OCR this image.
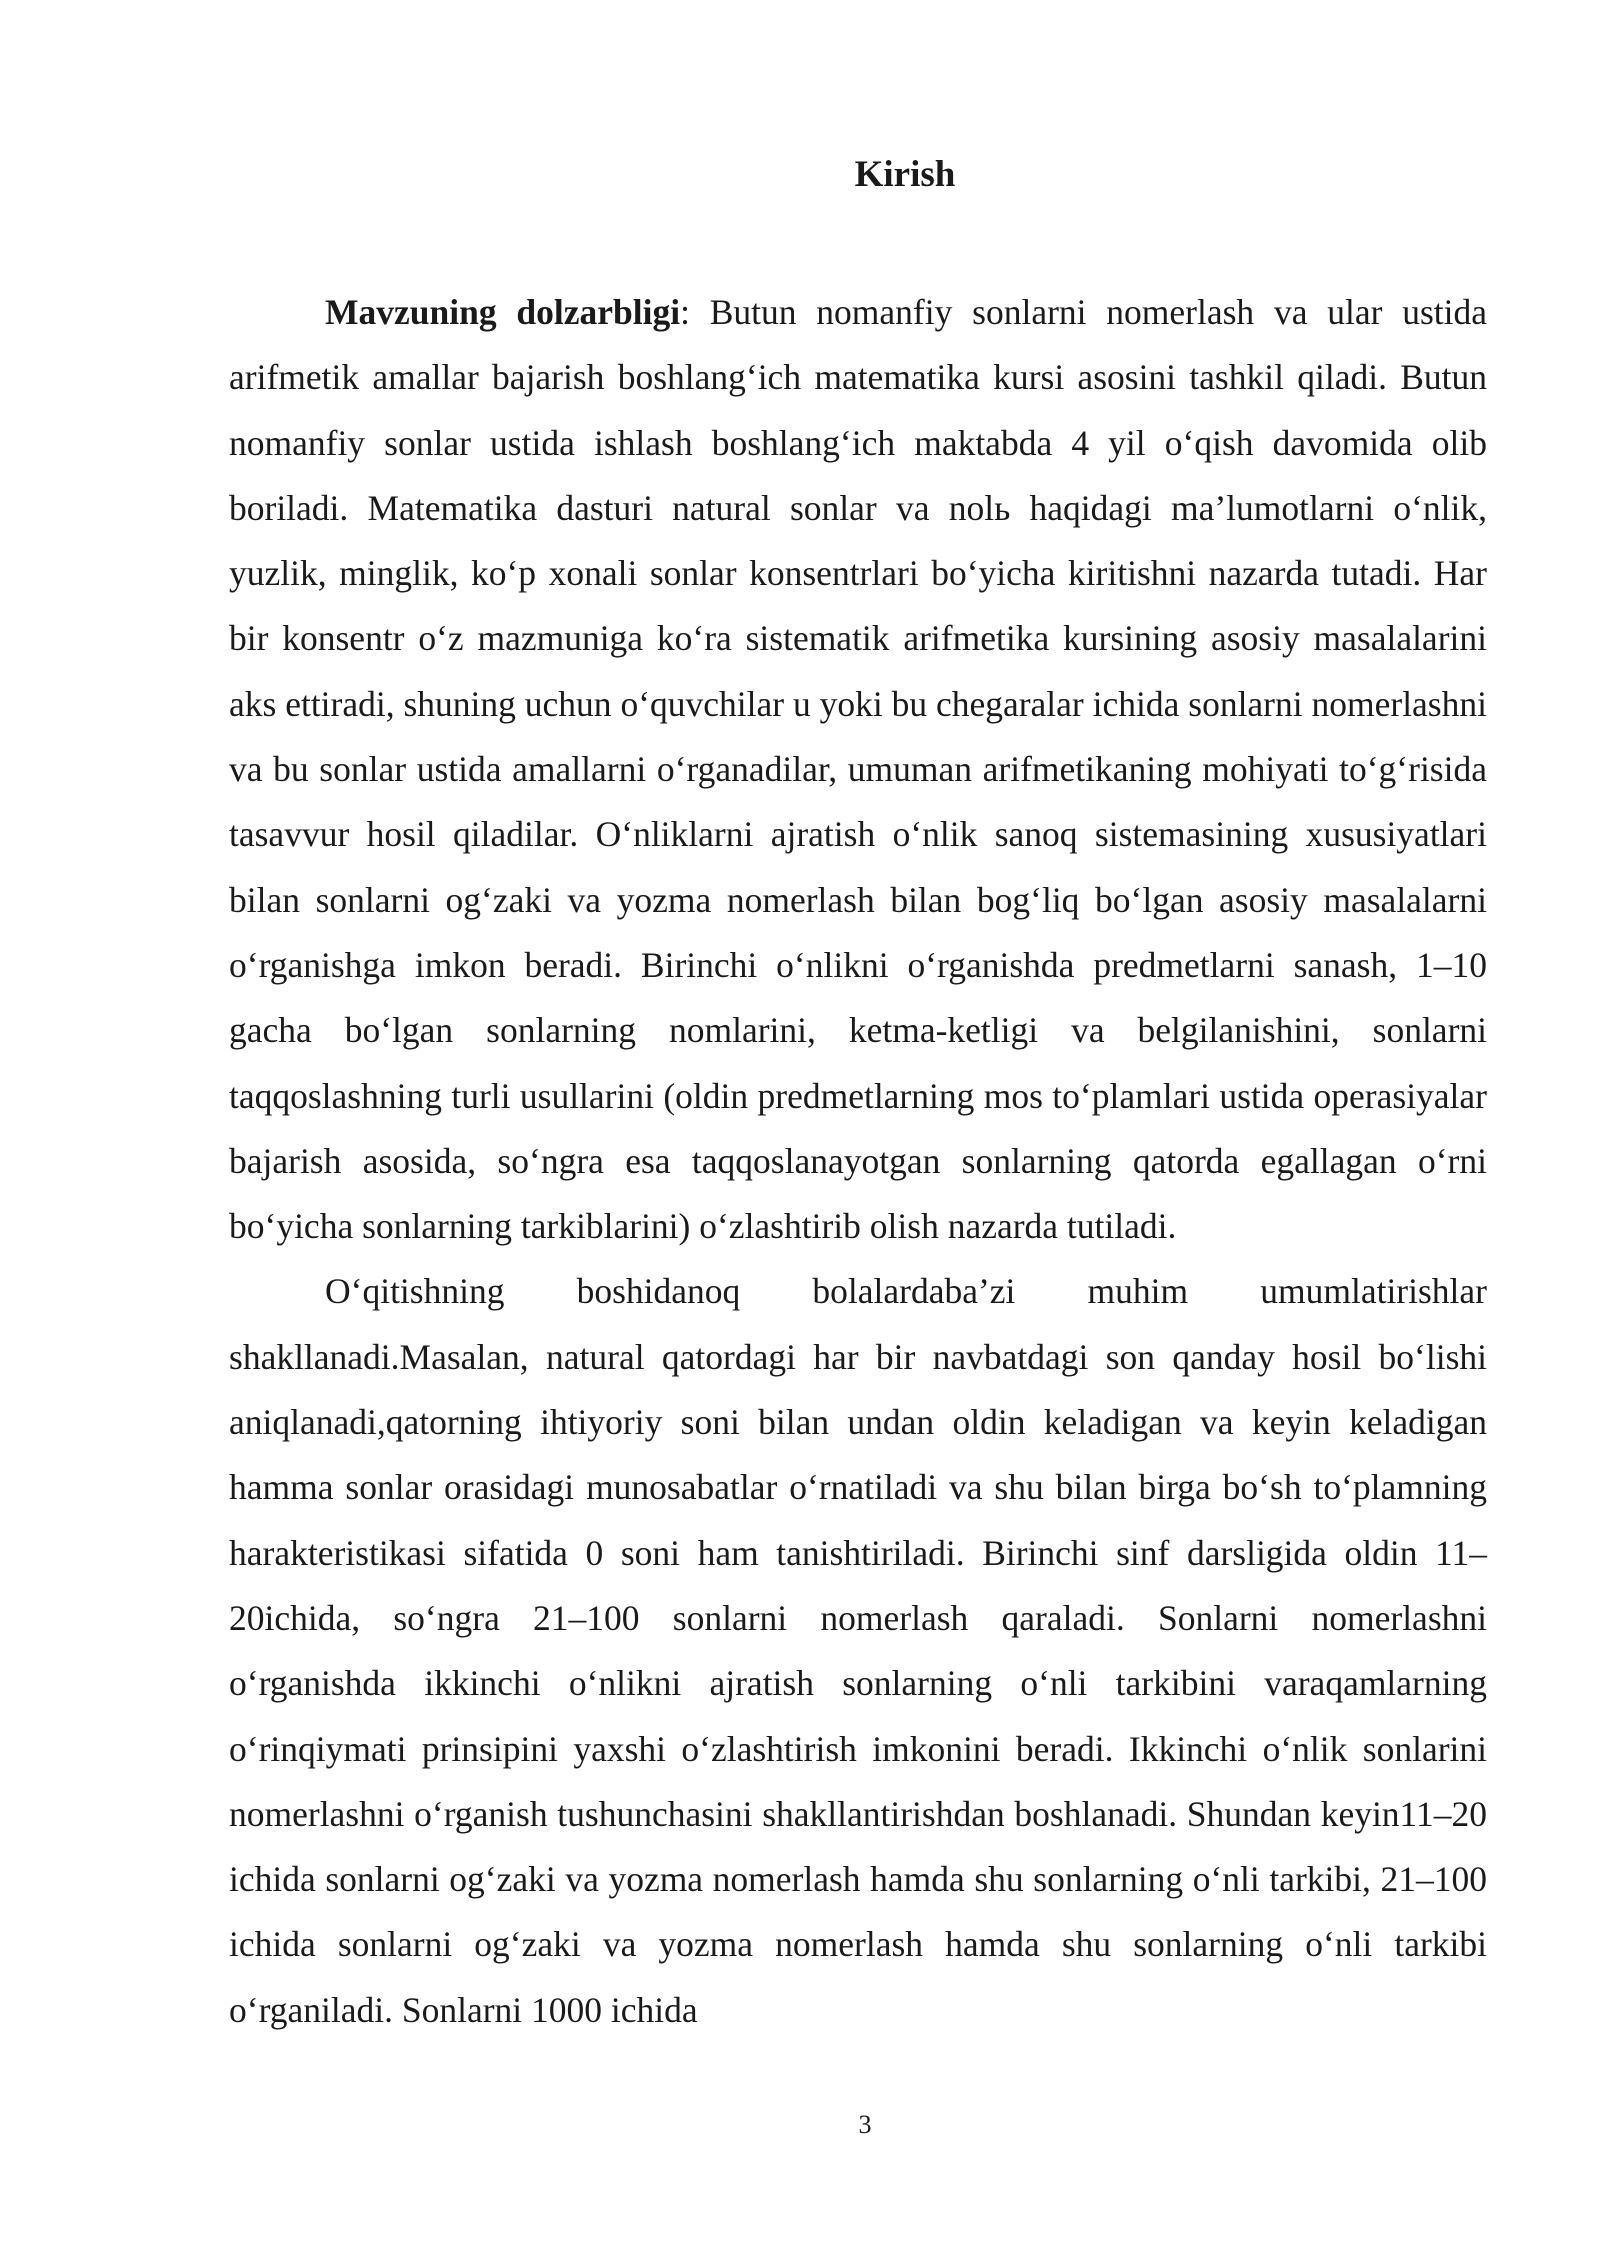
Kirish

Mavzuning dolzarbligi: Butun nomanfiy sonlarni nomerlash va ular ustida arifmetik amallar bajarish boshlang‘ich matematika kursi asosini tashkil qiladi. Butun nomanfiy sonlar ustida ishlash boshlang‘ich maktabda 4 yil o‘qish davomida olib boriladi. Matematika dasturi natural sonlar va nolь haqidagi ma’lumotlarni o‘nlik, yuzlik, minglik, ko‘p xonali sonlar konsentrlari bo‘yicha kiritishni nazarda tutadi. Har bir konsentr o‘z mazmuniga ko‘ra sistematik arifmetika kursining asosiy masalalarini aks ettiradi, shuning uchun o‘quvchilar u yoki bu chegaralar ichida sonlarni nomerlashni va bu sonlar ustida amallarni o‘rganadilar, umuman arifmetikaning mohiyati to‘g‘risida tasavvur hosil qiladilar. O‘nliklarni ajratish o‘nlik sanoq sistemasining xususiyatlari bilan sonlarni og‘zaki va yozma nomerlash bilan bog‘liq bo‘lgan asosiy masalalarni o‘rganishga imkon beradi. Birinchi o‘nlikni o‘rganishda predmetlarni sanash, 1–10 gacha bo‘lgan sonlarning nomlarini, ketma-ketligi va belgilanishini, sonlarni taqqoslashning turli usullarini (oldin predmetlarning mos to‘plamlari ustida operasiyalar bajarish asosida, so‘ngra esa taqqoslanayotgan sonlarning qatorda egallagan o‘rni bo‘yicha sonlarning tarkiblarini) o‘zlashtirib olish nazarda tutiladi.

O‘qitishning boshidanoq bolalardaba’zi muhim umumlatirishlar shakllanadi.Masalan, natural qatordagi har bir navbatdagi son qanday hosil bo‘lishi aniqlanadi,qatorning ihtiyoriy soni bilan undan oldin keladigan va keyin keladigan hamma sonlar orasidagi munosabatlar o‘rnatiladi va shu bilan birga bo‘sh to‘plamning harakteristikasi sifatida 0 soni ham tanishtiriladi. Birinchi sinf darsligida oldin 11–20ichida, so‘ngra 21–100 sonlarni nomerlash qaraladi. Sonlarni nomerlashni o‘rganishda ikkinchi o‘nlikni ajratish sonlarning o‘nli tarkibini varaqamlarning o‘rinqiymati prinsipini yaxshi o‘zlashtirish imkonini beradi. Ikkinchi o‘nlik sonlarini nomerlashni o‘rganish tushunchasini shakllantirishdan boshlanadi. Shundan keyin11–20 ichida sonlarni og‘zaki va yozma nomerlash hamda shu sonlarning o‘nli tarkibi, 21–100 ichida sonlarni og‘zaki va yozma nomerlash hamda shu sonlarning o‘nli tarkibi o‘rganiladi. Sonlarni 1000 ichida

3
